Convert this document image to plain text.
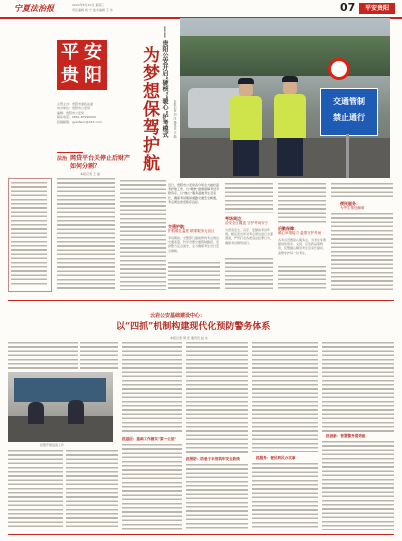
宁夏法治报	2022年8月10日 星期三
责任编辑 杨 宁 美术编辑 王 伟	07	平安贵阳
平 安
贵 阳
主管主办：贵阳市委政法委
协办单位：贵阳市公安局
编辑：贵阳市公安局
联系电话：0851-87990000
投稿邮箱：gyszfwxc@163.com
法治 网贷平台关停止后财产如何分割？
本报记者 王 丽
—— 贵阳公安开启“硬核”“暖心”护考模式
为梦想保驾护航	本报记者 刘 洋 通讯员 王 磊	交通管制
禁止通行
近日，贵阳市公安局各分局全力做好高考护航工作，以“硬核”措施保障考试平稳有序，以“暖心”服务温暖考生及家长，确保考试期间道路交通安全畅通，考点周边治安秩序良好。
交通护航：
护航暖在温度 精准服务无盲区
考试期间，交警部门提前研判考点周边交通流量，科学设置交通管制路段，安排警力定点值守，全力确保考生出行安全顺畅。
考场周边：
治安全区覆盖 守护考场安宁
为营造安全、有序、安静的考试环境，辖区派出所对考点周边进行全面清查，严厉打击各类违法犯罪行为，确保考试顺利进行。
后勤保障：
暖心举措接力 温情守护考场
各考点设置爱心服务点，为考生免费提供饮用水、文具、应急药品等物资，民警耐心解答考生及家长疑问，温情守护每一位考生。
便民服务：
为考生排忧解难
云岩公安基础建设中心：
以“四抓”机制构建现代化预防警务体系
本报记者 周 安 通讯员 赵 永
民警开展巡查工作
抓基层：基础工作做实“第一公里”
抓预防：防患于未然筑牢安全防线	抓服务：便民利民办实事
抓创新：智慧警务提效能
